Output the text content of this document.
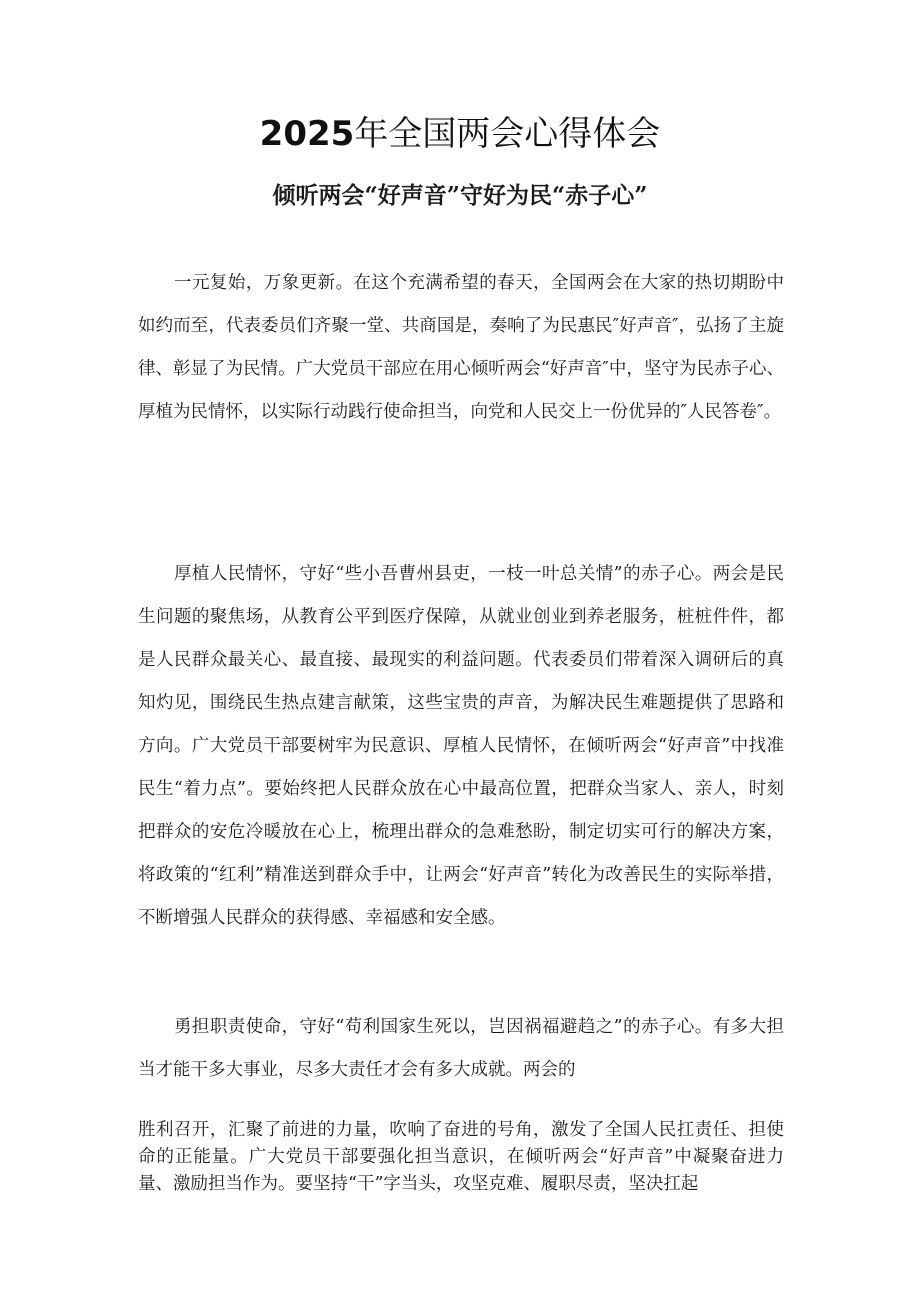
2025年全国两会心得体会
倾听两会“好声音”守好为民“赤子心”

一元复始，万象更新。在这个充满希望的春天，全国两会在大家的热切期盼中如约而至，代表委员们齐聚一堂、共商国是，奏响了为民惠民″好声音″，弘扬了主旋律、彰显了为民情。广大党员干部应在用心倾听两会“好声音″中，坚守为民赤子心、厚植为民情怀，以实际行动践行使命担当，向党和人民交上一份优异的″人民答卷″。

厚植人民情怀，守好“些小吾曹州县吏，一枝一叶总关情”的赤子心。两会是民生问题的聚焦场，从教育公平到医疗保障，从就业创业到养老服务，桩桩件件，都是人民群众最关心、最直接、最现实的利益问题。代表委员们带着深入调研后的真知灼见，围绕民生热点建言献策，这些宝贵的声音，为解决民生难题提供了思路和方向。广大党员干部要树牢为民意识、厚植人民情怀，在倾听两会“好声音”中找准民生“着力点”。要始终把人民群众放在心中最高位置，把群众当家人、亲人，时刻把群众的安危冷暖放在心上，梳理出群众的急难愁盼，制定切实可行的解决方案，将政策的“红利”精准送到群众手中，让两会“好声音”转化为改善民生的实际举措，不断增强人民群众的获得感、幸福感和安全感。

勇担职责使命，守好“苟利国家生死以，岂因祸福避趋之”的赤子心。有多大担当才能干多大事业，尽多大责任才会有多大成就。两会的

胜利召开，汇聚了前进的力量，吹响了奋进的号角，激发了全国人民扛责任、担使命的正能量。广大党员干部要强化担当意识，在倾听两会“好声音”中凝聚奋进力量、激励担当作为。要坚持“干”字当头，攻坚克难、履职尽责，坚决扛起
